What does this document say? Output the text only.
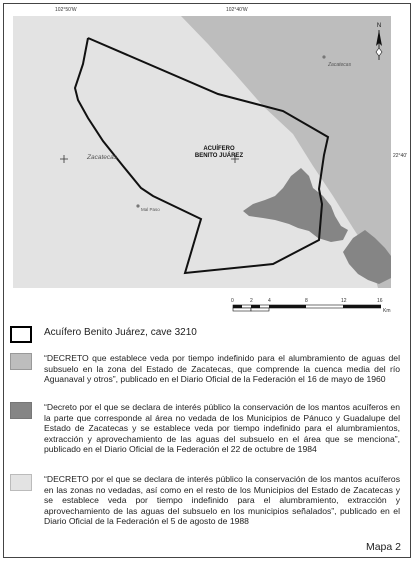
102°50'W	102°40'W
22°40'
Zacatecas
Zacatecas
Mal Paso
ACUÍFERO
BENITO JUÁREZ
N
0	2	4	8	12	16
Km
Acuífero Benito Juárez, cave 3210
“DECRETO que establece veda por tiempo indefinido para el alumbramiento de aguas del subsuelo en la zona del Estado de Zacatecas, que comprende la cuenca media del río Aguanaval y otros”, publicado en el Diario Oficial de la Federación el 16 de mayo de 1960
“Decreto por el que se declara de interés público la conservación de los mantos acuíferos en la parte que corresponde al área no vedada de los Municipios de Pánuco y Guadalupe del Estado de Zacatecas y se establece veda por tiempo indefinido para el alumbramientos, extracción y aprovechamiento de las aguas del subsuelo en el área que se menciona”, publicado en el Diario Oficial de la Federación el 22 de octubre de 1984
“DECRETO por el que se declara de interés público la conservación de los mantos acuíferos en las zonas no vedadas, así como en el resto de los Municipios del Estado de Zacatecas y se establece veda por tiempo indefinido para el alumbramiento, extracción y aprovechamiento de las aguas del subsuelo en los municipios señalados”, publicado en el Diario Oficial de la Federación el 5 de agosto de 1988
Mapa 2
